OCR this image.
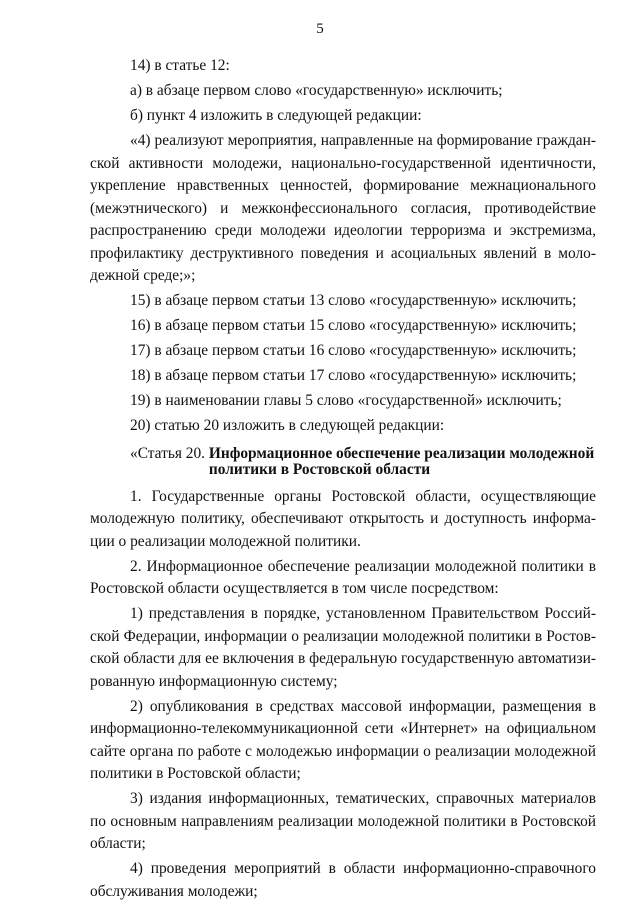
5

14) в статье 12:

а) в абзаце первом слово «государственную» исключить;

б) пункт 4 изложить в следующей редакции:

«4) реализуют мероприятия, направленные на формирование гражданской активности молодежи, национально-государственной идентичности, укрепление нравственных ценностей, формирование межнационального (межэтнического) и межконфессионального согласия, противодействие распространению среди молодежи идеологии терроризма и экстремизма, профилактику деструктивного поведения и асоциальных явлений в молодежной среде;»;

15) в абзаце первом статьи 13 слово «государственную» исключить;

16) в абзаце первом статьи 15 слово «государственную» исключить;

17) в абзаце первом статьи 16 слово «государственную» исключить;

18) в абзаце первом статьи 17 слово «государственную» исключить;

19) в наименовании главы 5 слово «государственной» исключить;

20) статью 20 изложить в следующей редакции:

«Статья 20. Информационное обеспечение реализации молодежной политики в Ростовской области

1. Государственные органы Ростовской области, осуществляющие молодежную политику, обеспечивают открытость и доступность информации о реализации молодежной политики.

2. Информационное обеспечение реализации молодежной политики в Ростовской области осуществляется в том числе посредством:

1) представления в порядке, установленном Правительством Российской Федерации, информации о реализации молодежной политики в Ростовской области для ее включения в федеральную государственную автоматизированную информационную систему;

2) опубликования в средствах массовой информации, размещения в информационно-телекоммуникационной сети «Интернет» на официальном сайте органа по работе с молодежью информации о реализации молодежной политики в Ростовской области;

3) издания информационных, тематических, справочных материалов по основным направлениям реализации молодежной политики в Ростовской области;

4) проведения мероприятий в области информационно-справочного обслуживания молодежи;
